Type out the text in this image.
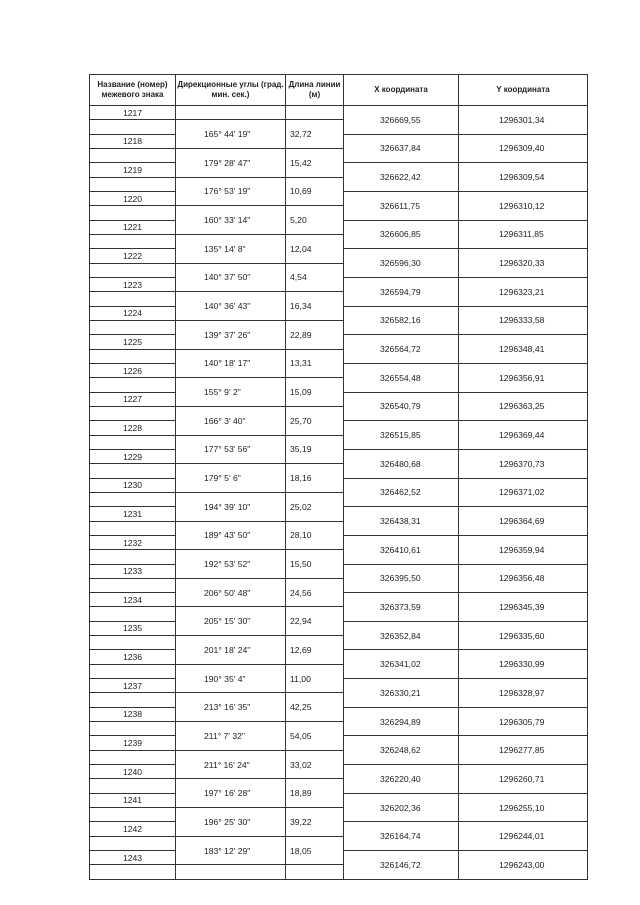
Название (номер) межевого знака	Дирекционные углы (град. мин. сек.)	Длина линии (м)	X координата	Y координата
1217			326669,55	1296301,34
	165° 44' 19"	32,72		
1218			326637,84	1296309,40
	179° 28' 47"	15,42		
1219			326622,42	1296309,54
	176° 53' 19"	10,69		
1220			326611,75	1296310,12
	160° 33' 14"	5,20		
1221			326606,85	1296311,85
	135° 14' 8"	12,04		
1222			326596,30	1296320,33
	140° 37' 50"	4,54		
1223			326594,79	1296323,21
	140° 36' 43"	16,34		
1224			326582,16	1296333,58
	139° 37' 26"	22,89		
1225			326564,72	1296348,41
	140° 18' 17"	13,31		
1226			326554,48	1296356,91
	155° 9' 2"	15,09		
1227			326540,79	1296363,25
	166° 3' 40"	25,70		
1228			326515,85	1296369,44
	177° 53' 56"	35,19		
1229			326480,68	1296370,73
	179° 5' 6"	18,16		
1230			326462,52	1296371,02
	194° 39' 10"	25,02		
1231			326438,31	1296364,69
	189° 43' 50"	28,10		
1232			326410,61	1296359,94
	192° 53' 52"	15,50		
1233			326395,50	1296356,48
	206° 50' 48"	24,56		
1234			326373,59	1296345,39
	205° 15' 30"	22,94		
1235			326352,84	1296335,60
	201° 18' 24"	12,69		
1236			326341,02	1296330,99
	190° 35' 4"	11,00		
1237			326330,21	1296328,97
	213° 16' 35"	42,25		
1238			326294,89	1296305,79
	211° 7' 32"	54,05		
1239			326248,62	1296277,85
	211° 16' 24"	33,02		
1240			326220,40	1296260,71
	197° 16' 28"	18,89		
1241			326202,36	1296255,10
	196° 25' 30"	39,22		
1242			326164,74	1296244,01
	183° 12' 29"	18,05		
1243			326146,72	1296243,00
